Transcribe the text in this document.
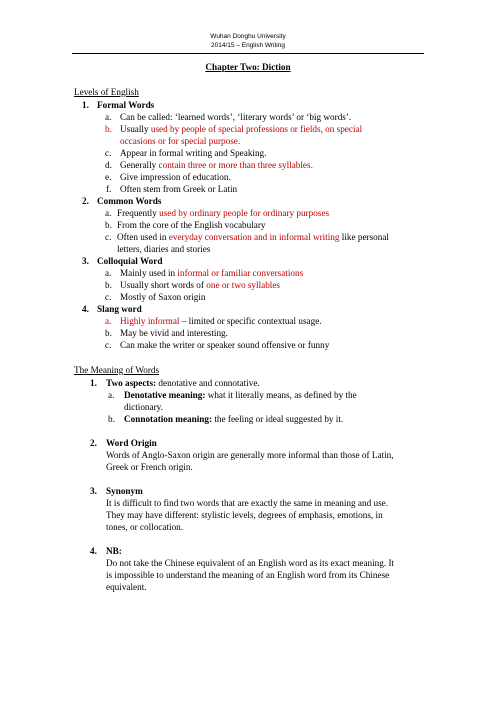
Wuhan Donghu University
2014/15 – English Writing
Chapter Two: Diction
Levels of English
1. Formal Words
a. Can be called: ‘learned words’, ‘literary words’ or ‘big words’.
b. Usually used by people of special professions or fields, on special
occasions or for special purpose.
c. Appear in formal writing and Speaking.
d. Generally contain three or more than three syllables.
e. Give impression of education.
f. Often stem from Greek or Latin
2. Common Words
a. Frequently used by ordinary people for ordinary purposes
b. From the core of the English vocabulary
c. Often used in everyday conversation and in informal writing like personal
letters, diaries and stories
3. Colloquial Word
a. Mainly used in informal or familiar conversations
b. Usually short words of one or two syllables
c. Mostly of Saxon origin
4. Slang word
a. Highly informal – limited or specific contextual usage.
b. May be vivid and interesting.
c. Can make the writer or speaker sound offensive or funny
The Meaning of Words
1. Two aspects: denotative and connotative.
a. Denotative meaning: what it literally means, as defined by the
dictionary.
b. Connotation meaning: the feeling or ideal suggested by it.
2. Word Origin
Words of Anglo-Saxon origin are generally more informal than those of Latin,
Greek or French origin.
3. Synonym
It is difficult to find two words that are exactly the same in meaning and use.
They may have different: stylistic levels, degrees of emphasis, emotions, in
tones, or collocation.
4. NB:
Do not take the Chinese equivalent of an English word as its exact meaning. It
is impossible to understand the meaning of an English word from its Chinese
equivalent.
